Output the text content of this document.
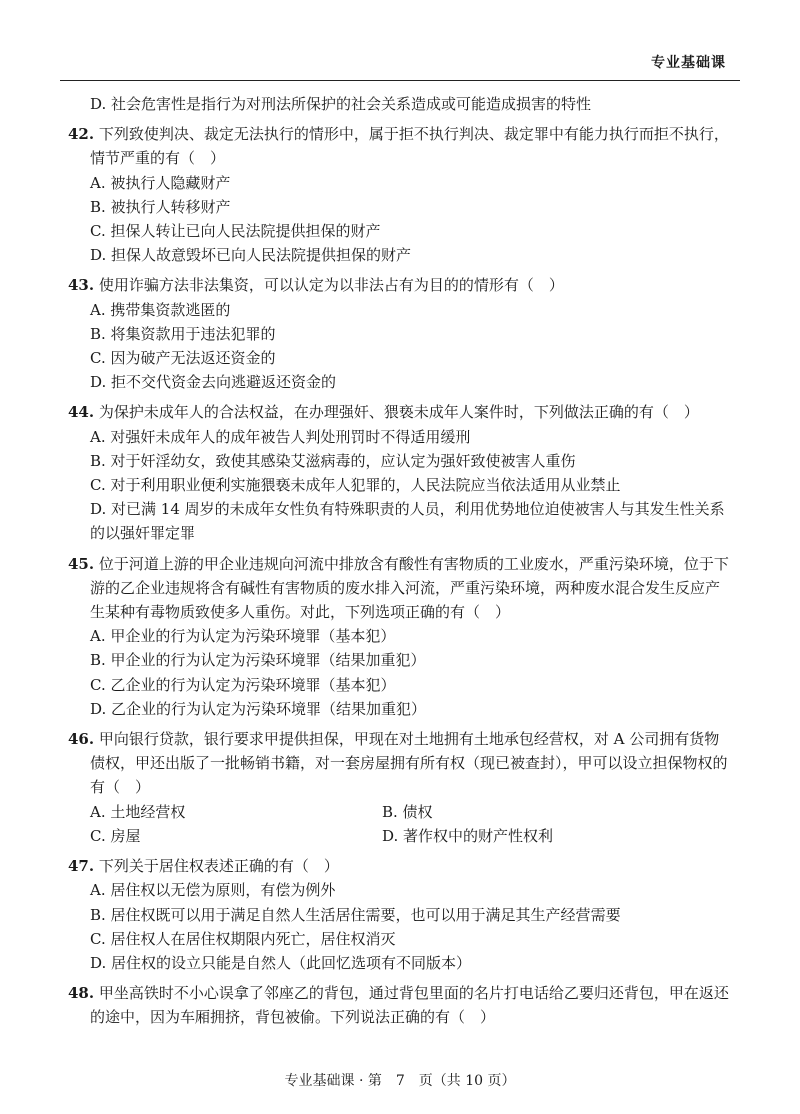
专业基础课
D. 社会危害性是指行为对刑法所保护的社会关系造成或可能造成损害的特性
42. 下列致使判决、裁定无法执行的情形中，属于拒不执行判决、裁定罪中有能力执行而拒不执行，情节严重的有（　）
A. 被执行人隐藏财产
B. 被执行人转移财产
C. 担保人转让已向人民法院提供担保的财产
D. 担保人故意毁坏已向人民法院提供担保的财产
43. 使用诈骗方法非法集资，可以认定为以非法占有为目的的情形有（　）
A. 携带集资款逃匿的
B. 将集资款用于违法犯罪的
C. 因为破产无法返还资金的
D. 拒不交代资金去向逃避返还资金的
44. 为保护未成年人的合法权益，在办理强奸、猥亵未成年人案件时，下列做法正确的有（　）
A. 对强奸未成年人的成年被告人判处刑罚时不得适用缓刑
B. 对于奸淫幼女，致使其感染艾滋病毒的，应认定为强奸致使被害人重伤
C. 对于利用职业便利实施猥亵未成年人犯罪的，人民法院应当依法适用从业禁止
D. 对已满 14 周岁的未成年女性负有特殊职责的人员，利用优势地位迫使被害人与其发生性关系的以强奸罪定罪
45. 位于河道上游的甲企业违规向河流中排放含有酸性有害物质的工业废水，严重污染环境，位于下游的乙企业违规将含有碱性有害物质的废水排入河流，严重污染环境，两种废水混合发生反应产生某种有毒物质致使多人重伤。对此，下列选项正确的有（　）
A. 甲企业的行为认定为污染环境罪（基本犯）
B. 甲企业的行为认定为污染环境罪（结果加重犯）
C. 乙企业的行为认定为污染环境罪（基本犯）
D. 乙企业的行为认定为污染环境罪（结果加重犯）
46. 甲向银行贷款，银行要求甲提供担保，甲现在对土地拥有土地承包经营权，对 A 公司拥有货物债权，甲还出版了一批畅销书籍，对一套房屋拥有所有权（现已被查封），甲可以设立担保物权的有（　）
A. 土地经营权	B. 债权
C. 房屋	D. 著作权中的财产性权利
47. 下列关于居住权表述正确的有（　）
A. 居住权以无偿为原则，有偿为例外
B. 居住权既可以用于满足自然人生活居住需要，也可以用于满足其生产经营需要
C. 居住权人在居住权期限内死亡，居住权消灭
D. 居住权的设立只能是自然人（此回忆选项有不同版本）
48. 甲坐高铁时不小心误拿了邻座乙的背包，通过背包里面的名片打电话给乙要归还背包，甲在返还的途中，因为车厢拥挤，背包被偷。下列说法正确的有（　）
专业基础课 · 第　7　页（共 10 页）
